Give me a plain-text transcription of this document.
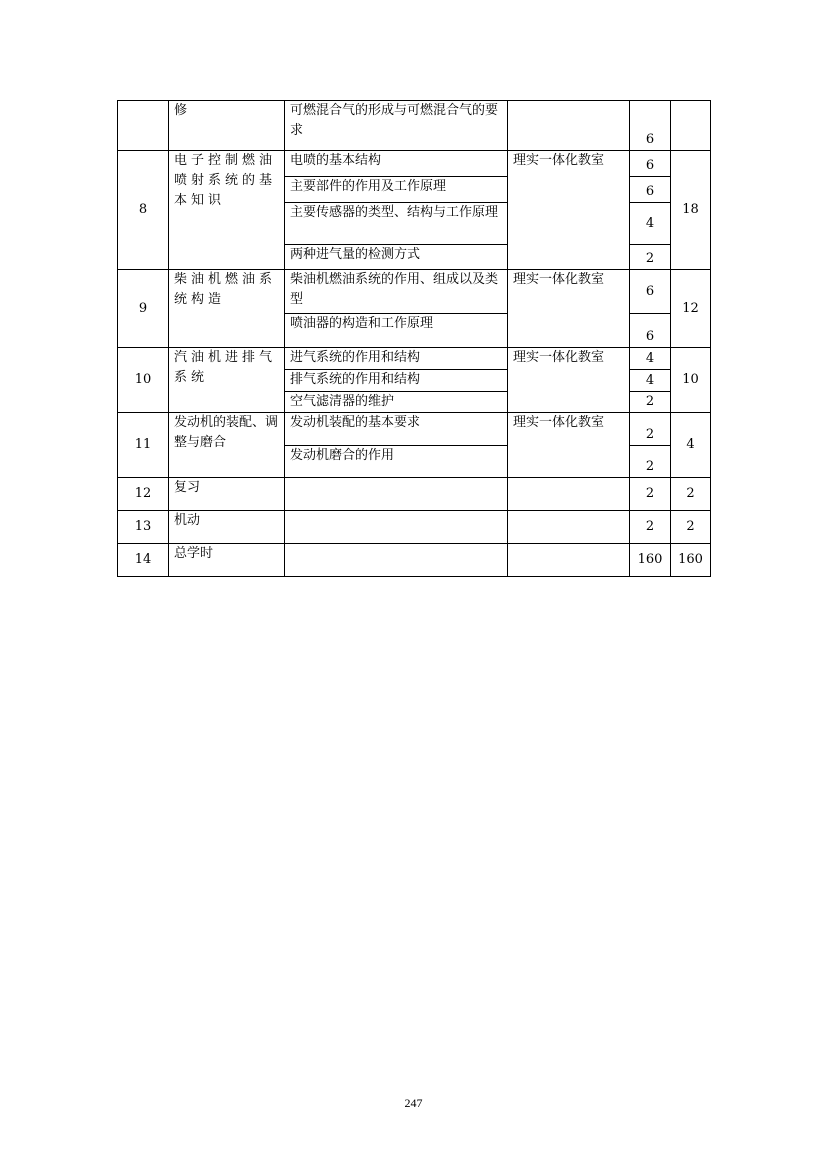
	修	可燃混合气的形成与可燃混合气的要求		6	
8	电子控制燃油喷射系统的基本知识	电喷的基本结构	理实一体化教室	6	18
		主要部件的作用及工作原理		6	
		主要传感器的类型、结构与工作原理		4	
		两种进气量的检测方式		2	
9	柴油机燃油系统构造	柴油机燃油系统的作用、组成以及类型	理实一体化教室	6	12
		喷油器的构造和工作原理		6	
10	汽油机进排气系统	进气系统的作用和结构	理实一体化教室	4	10
		排气系统的作用和结构		4	
		空气滤清器的维护		2	
11	发动机的装配、调整与磨合	发动机装配的基本要求	理实一体化教室	2	4
		发动机磨合的作用		2	
12	复习			2	2
13	机动			2	2
14	总学时			160	160
247
